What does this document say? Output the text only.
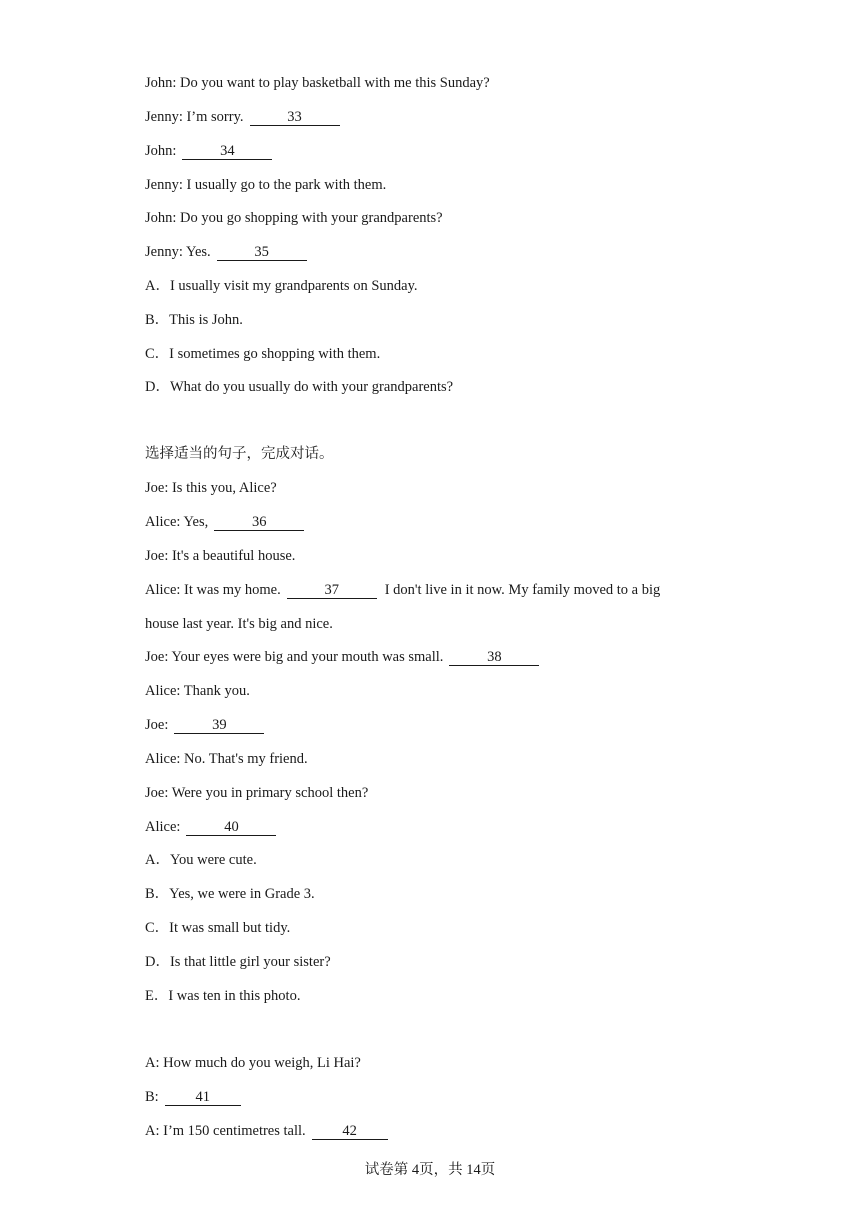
John: Do you want to play basketball with me this Sunday?
Jenny: I’m sorry.	33
John:	34
Jenny: I usually go to the park with them.
John: Do you go shopping with your grandparents?
Jenny: Yes.	35
A．I usually visit my grandparents on Sunday.
B．This is John.
C．I sometimes go shopping with them.
D．What do you usually do with your grandparents?
选择适当的句子，完成对话。
Joe: Is this you, Alice?
Alice: Yes,	36
Joe: It's a beautiful house.
Alice: It was my home.	37	I don't live in it now. My family moved to a big
house last year. It's big and nice.
Joe: Your eyes were big and your mouth was small.	38
Alice: Thank you.
Joe:	39
Alice: No. That's my friend.
Joe: Were you in primary school then?
Alice:	40
A．You were cute.
B．Yes, we were in Grade 3.
C．It was small but tidy.
D．Is that little girl your sister?
E．I was ten in this photo.
A: How much do you weigh, Li Hai?
B:	41
A: I’m 150 centimetres tall.	42
试卷第 4页，共 14页
